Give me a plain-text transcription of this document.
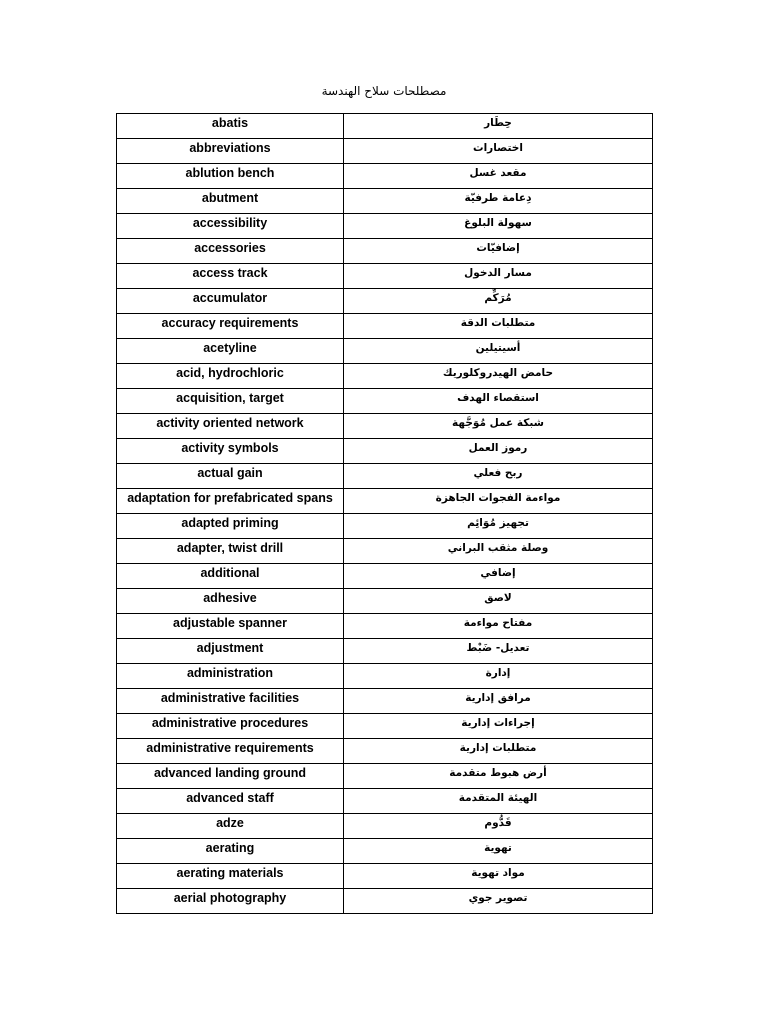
مصطلحات سلاح الهندسة
abatis	حِطَار
abbreviations	اختصارات
ablution bench	مقعد غسل
abutment	دِعامة طرفيّة
accessibility	سهولة البلوغ
accessories	إضافيّات
access track	مسار الدخول
accumulator	مُرَكِّم
accuracy requirements	متطلبات الدقة
acetyline	أسيتيلين
acid, hydrochloric	حامض الهيدروكلوريك
acquisition, target	استقصاء الهدف
activity oriented network	شبكة عمل مُوَجَّهة
activity symbols	رموز العمل
actual gain	ربح فعلي
adaptation for prefabricated spans	مواءمة الفجوات الجاهزة
adapted priming	تجهيز مُوَائِم
adapter, twist drill	وصلة مثقب البراني
additional	إضافي
adhesive	لاصق
adjustable spanner	مفتاح مواءمة
adjustment	تعديل- ضَبْط
administration	إدارة
administrative facilities	مرافق إدارية
administrative procedures	إجراءات إدارية
administrative requirements	متطلبات إدارية
advanced landing ground	أرض هبوط متقدمة
advanced staff	الهيئة المتقدمة
adze	قَدُّوم
aerating	تهوية
aerating materials	مواد تهوية
aerial photography	تصوير جوي
